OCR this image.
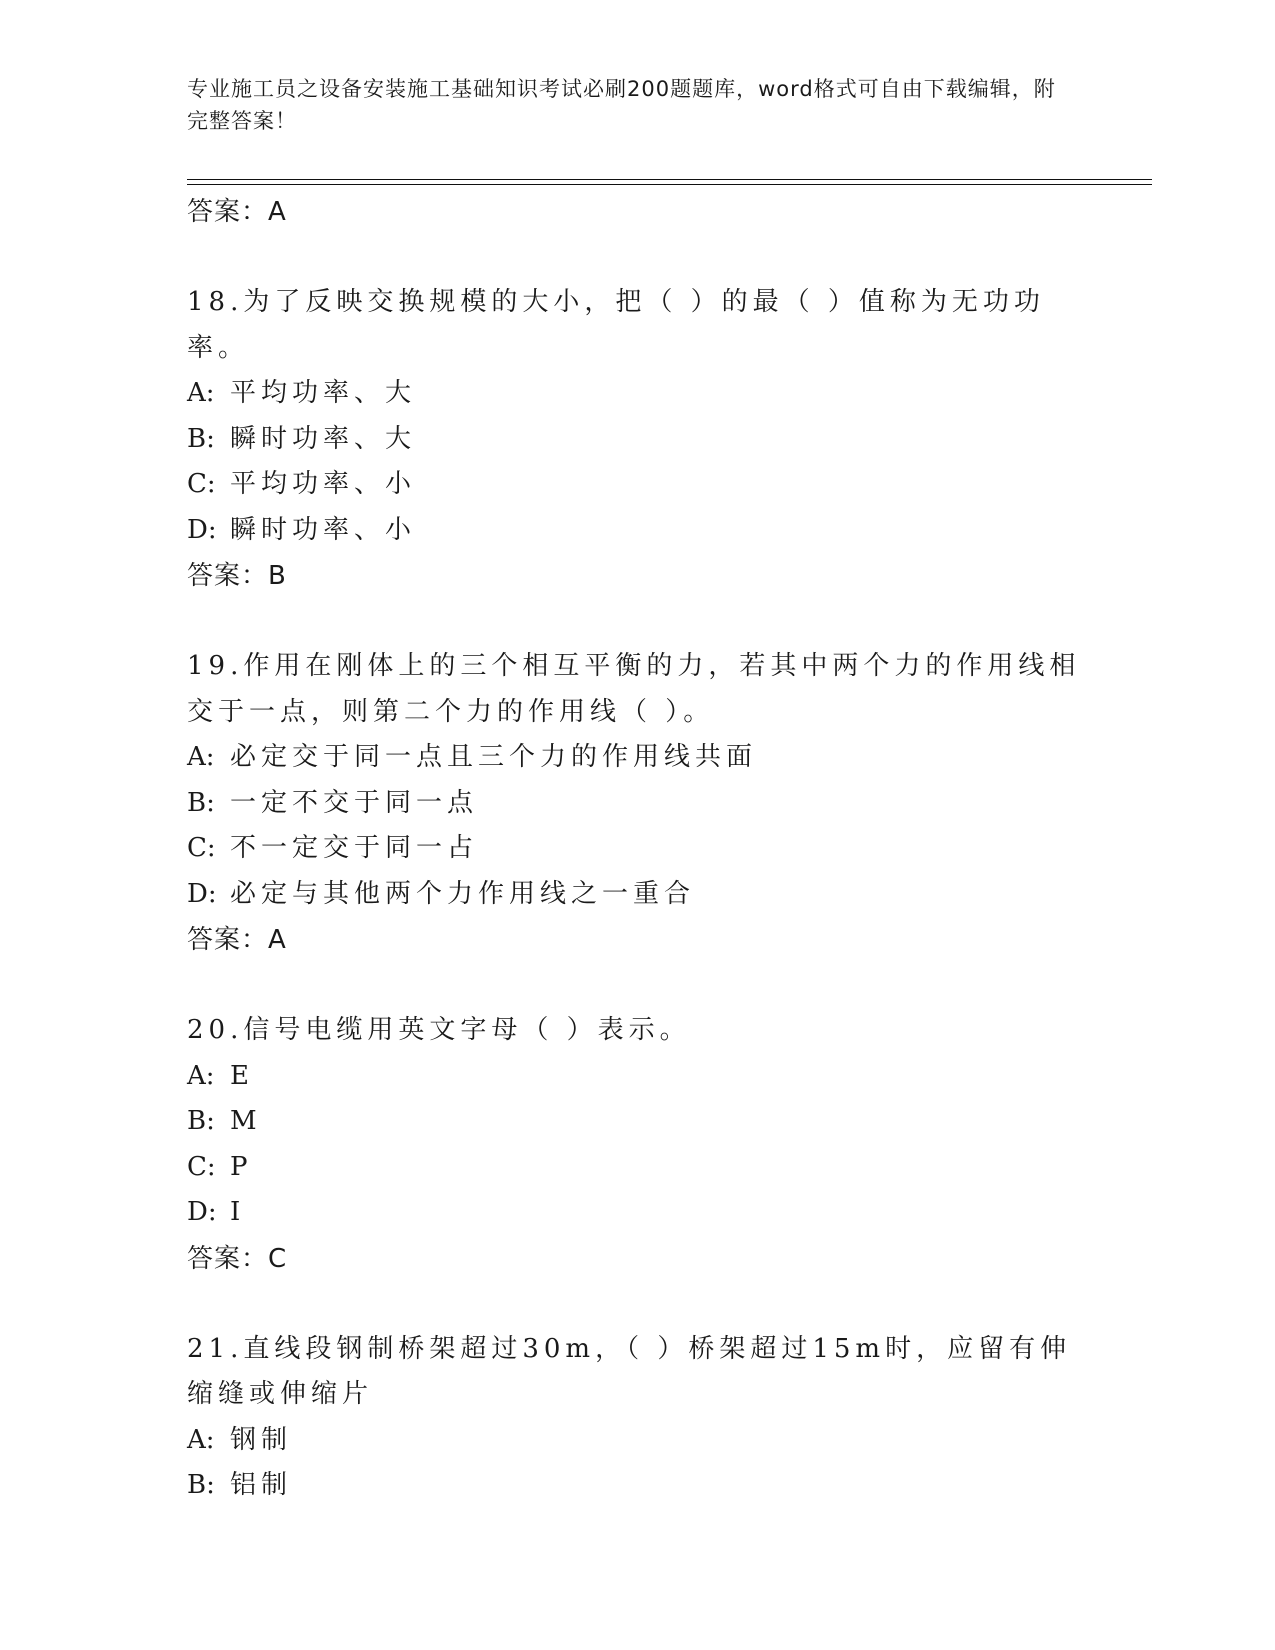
专业施工员之设备安装施工基础知识考试必刷200题题库，word格式可自由下载编辑，附完整答案！
答案：A
18.为了反映交换规模的大小，把（ ）的最（ ）值称为无功功率。
A: 平均功率、大
B: 瞬时功率、大
C: 平均功率、小
D: 瞬时功率、小
答案：B
19.作用在刚体上的三个相互平衡的力，若其中两个力的作用线相交于一点，则第二个力的作用线（ ）。
A: 必定交于同一点且三个力的作用线共面
B: 一定不交于同一点
C: 不一定交于同一占
D: 必定与其他两个力作用线之一重合
答案：A
20.信号电缆用英文字母（ ）表示。
A: E
B: M
C: P
D: I
答案：C
21.直线段钢制桥架超过30m，（ ）桥架超过15m时，应留有伸缩缝或伸缩片
A: 钢制
B: 铝制
